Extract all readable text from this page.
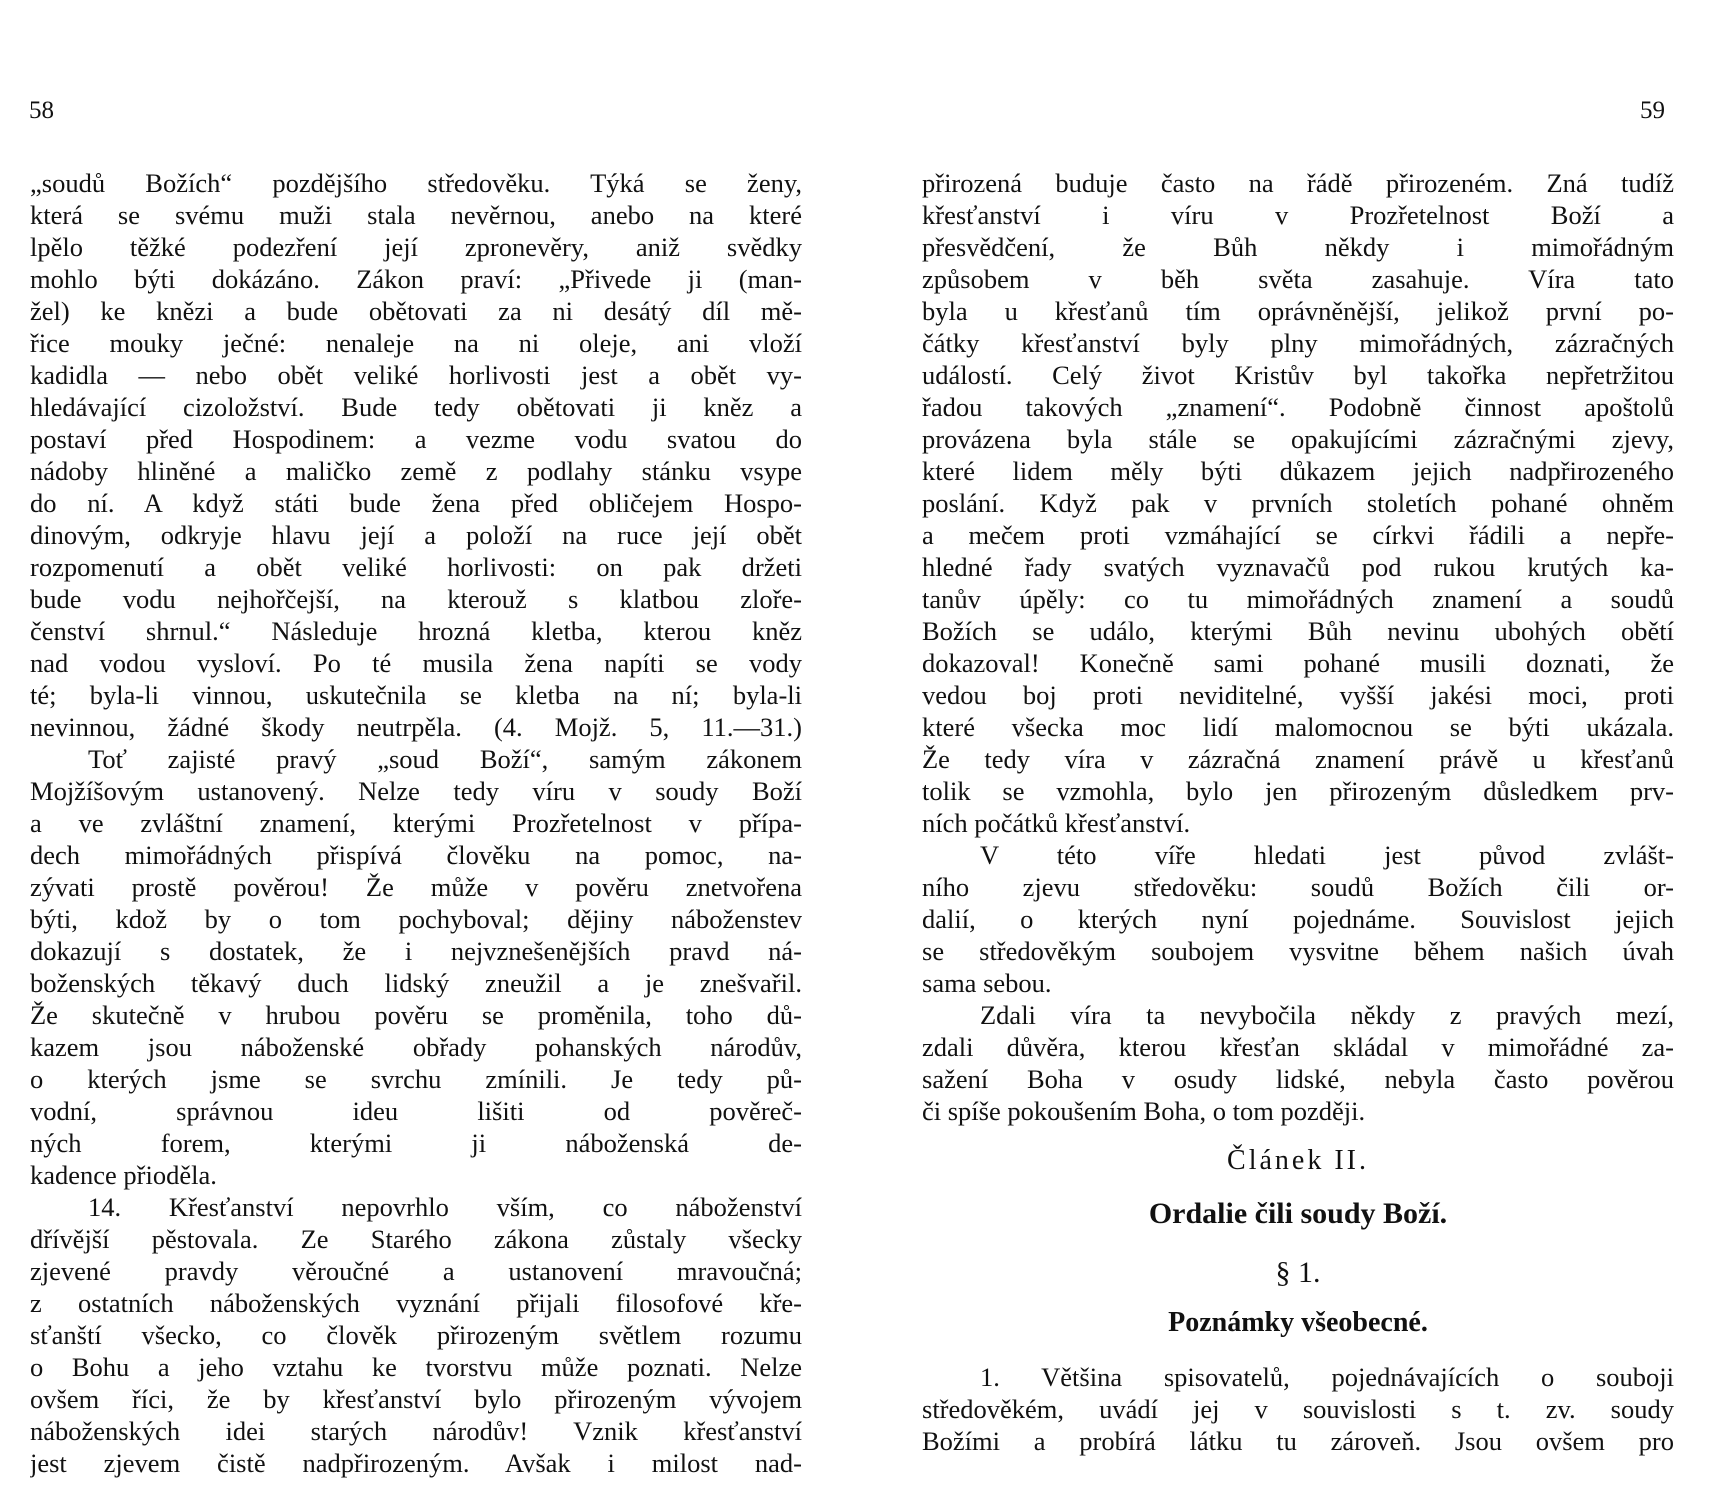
58	59
„soudů Božích“ pozdějšího středověku. Týká se ženy,
která se svému muži stala nevěrnou, anebo na které
lpělo těžké podezření její zpronevěry, aniž svědky
mohlo býti dokázáno. Zákon praví: „Přivede ji (man-
žel) ke knězi a bude obětovati za ni desátý díl mě-
řice mouky ječné: nenaleje na ni oleje, ani vloží
kadidla — nebo obět veliké horlivosti jest a obět vy-
hledávající cizoložství. Bude tedy obětovati ji kněz a
postaví před Hospodinem: a vezme vodu svatou do
nádoby hliněné a maličko země z podlahy stánku vsype
do ní. A když státi bude žena před obličejem Hospo-
dinovým, odkryje hlavu její a položí na ruce její obět
rozpomenutí a obět veliké horlivosti: on pak držeti
bude vodu nejhořčejší, na kterouž s klatbou zloře-
čenství shrnul.“ Následuje hrozná kletba, kterou kněz
nad vodou vysloví. Po té musila žena napíti se vody
té; byla-li vinnou, uskutečnila se kletba na ní; byla-li
nevinnou, žádné škody neutrpěla. (4. Mojž. 5, 11.—31.)
Toť zajisté pravý „soud Boží“, samým zákonem
Mojžíšovým ustanovený. Nelze tedy víru v soudy Boží
a ve zvláštní znamení, kterými Prozřetelnost v přípa-
dech mimořádných přispívá člověku na pomoc, na-
zývati prostě pověrou! Že může v pověru znetvořena
býti, kdož by o tom pochyboval; dějiny náboženstev
dokazují s dostatek, že i nejvznešenějších pravd ná-
boženských těkavý duch lidský zneužil a je znešvařil.
Že skutečně v hrubou pověru se proměnila, toho dů-
kazem jsou náboženské obřady pohanských národův,
o kterých jsme se svrchu zmínili. Je tedy pů-
vodní, správnou ideu lišiti od pověreč-
ných forem, kterými ji náboženská de-
kadence přioděla.
14. Křesťanství nepovrhlo vším, co náboženství
dřívější pěstovala. Ze Starého zákona zůstaly všecky
zjevené pravdy věroučné a ustanovení mravoučná;
z ostatních náboženských vyznání přijali filosofové kře-
sťanští všecko, co člověk přirozeným světlem rozumu
o Bohu a jeho vztahu ke tvorstvu může poznati. Nelze
ovšem říci, že by křesťanství bylo přirozeným vývojem
náboženských idei starých národův! Vznik křesťanství
jest zjevem čistě nadpřirozeným. Avšak i milost nad-
přirozená buduje často na řádě přirozeném. Zná tudíž
křesťanství i víru v Prozřetelnost Boží a
přesvědčení, že Bůh někdy i mimořádným
způsobem v běh světa zasahuje. Víra tato
byla u křesťanů tím oprávněnější, jelikož první po-
čátky křesťanství byly plny mimořádných, zázračných
událostí. Celý život Kristův byl takořka nepřetržitou
řadou takových „znamení“. Podobně činnost apoštolů
provázena byla stále se opakujícími zázračnými zjevy,
které lidem měly býti důkazem jejich nadpřirozeného
poslání. Když pak v prvních stoletích pohané ohněm
a mečem proti vzmáhající se církvi řádili a nepře-
hledné řady svatých vyznavačů pod rukou krutých ka-
tanův úpěly: co tu mimořádných znamení a soudů
Božích se událo, kterými Bůh nevinu ubohých obětí
dokazoval! Konečně sami pohané musili doznati, že
vedou boj proti neviditelné, vyšší jakési moci, proti
které všecka moc lidí malomocnou se býti ukázala.
Že tedy víra v zázračná znamení právě u křesťanů
tolik se vzmohla, bylo jen přirozeným důsledkem prv-
ních počátků křesťanství.
V této víře hledati jest původ zvlášt-
ního zjevu středověku: soudů Božích čili or-
dalií, o kterých nyní pojednáme. Souvislost jejich
se středověkým soubojem vysvitne během našich úvah
sama sebou.
Zdali víra ta nevybočila někdy z pravých mezí,
zdali důvěra, kterou křesťan skládal v mimořádné za-
sažení Boha v osudy lidské, nebyla často pověrou
či spíše pokoušením Boha, o tom později.
Článek II.
Ordalie čili soudy Boží.
§ 1.
Poznámky všeobecné.
1. Většina spisovatelů, pojednávajících o souboji
středověkém, uvádí jej v souvislosti s t. zv. soudy
Božími a probírá látku tu zároveň. Jsou ovšem pro
